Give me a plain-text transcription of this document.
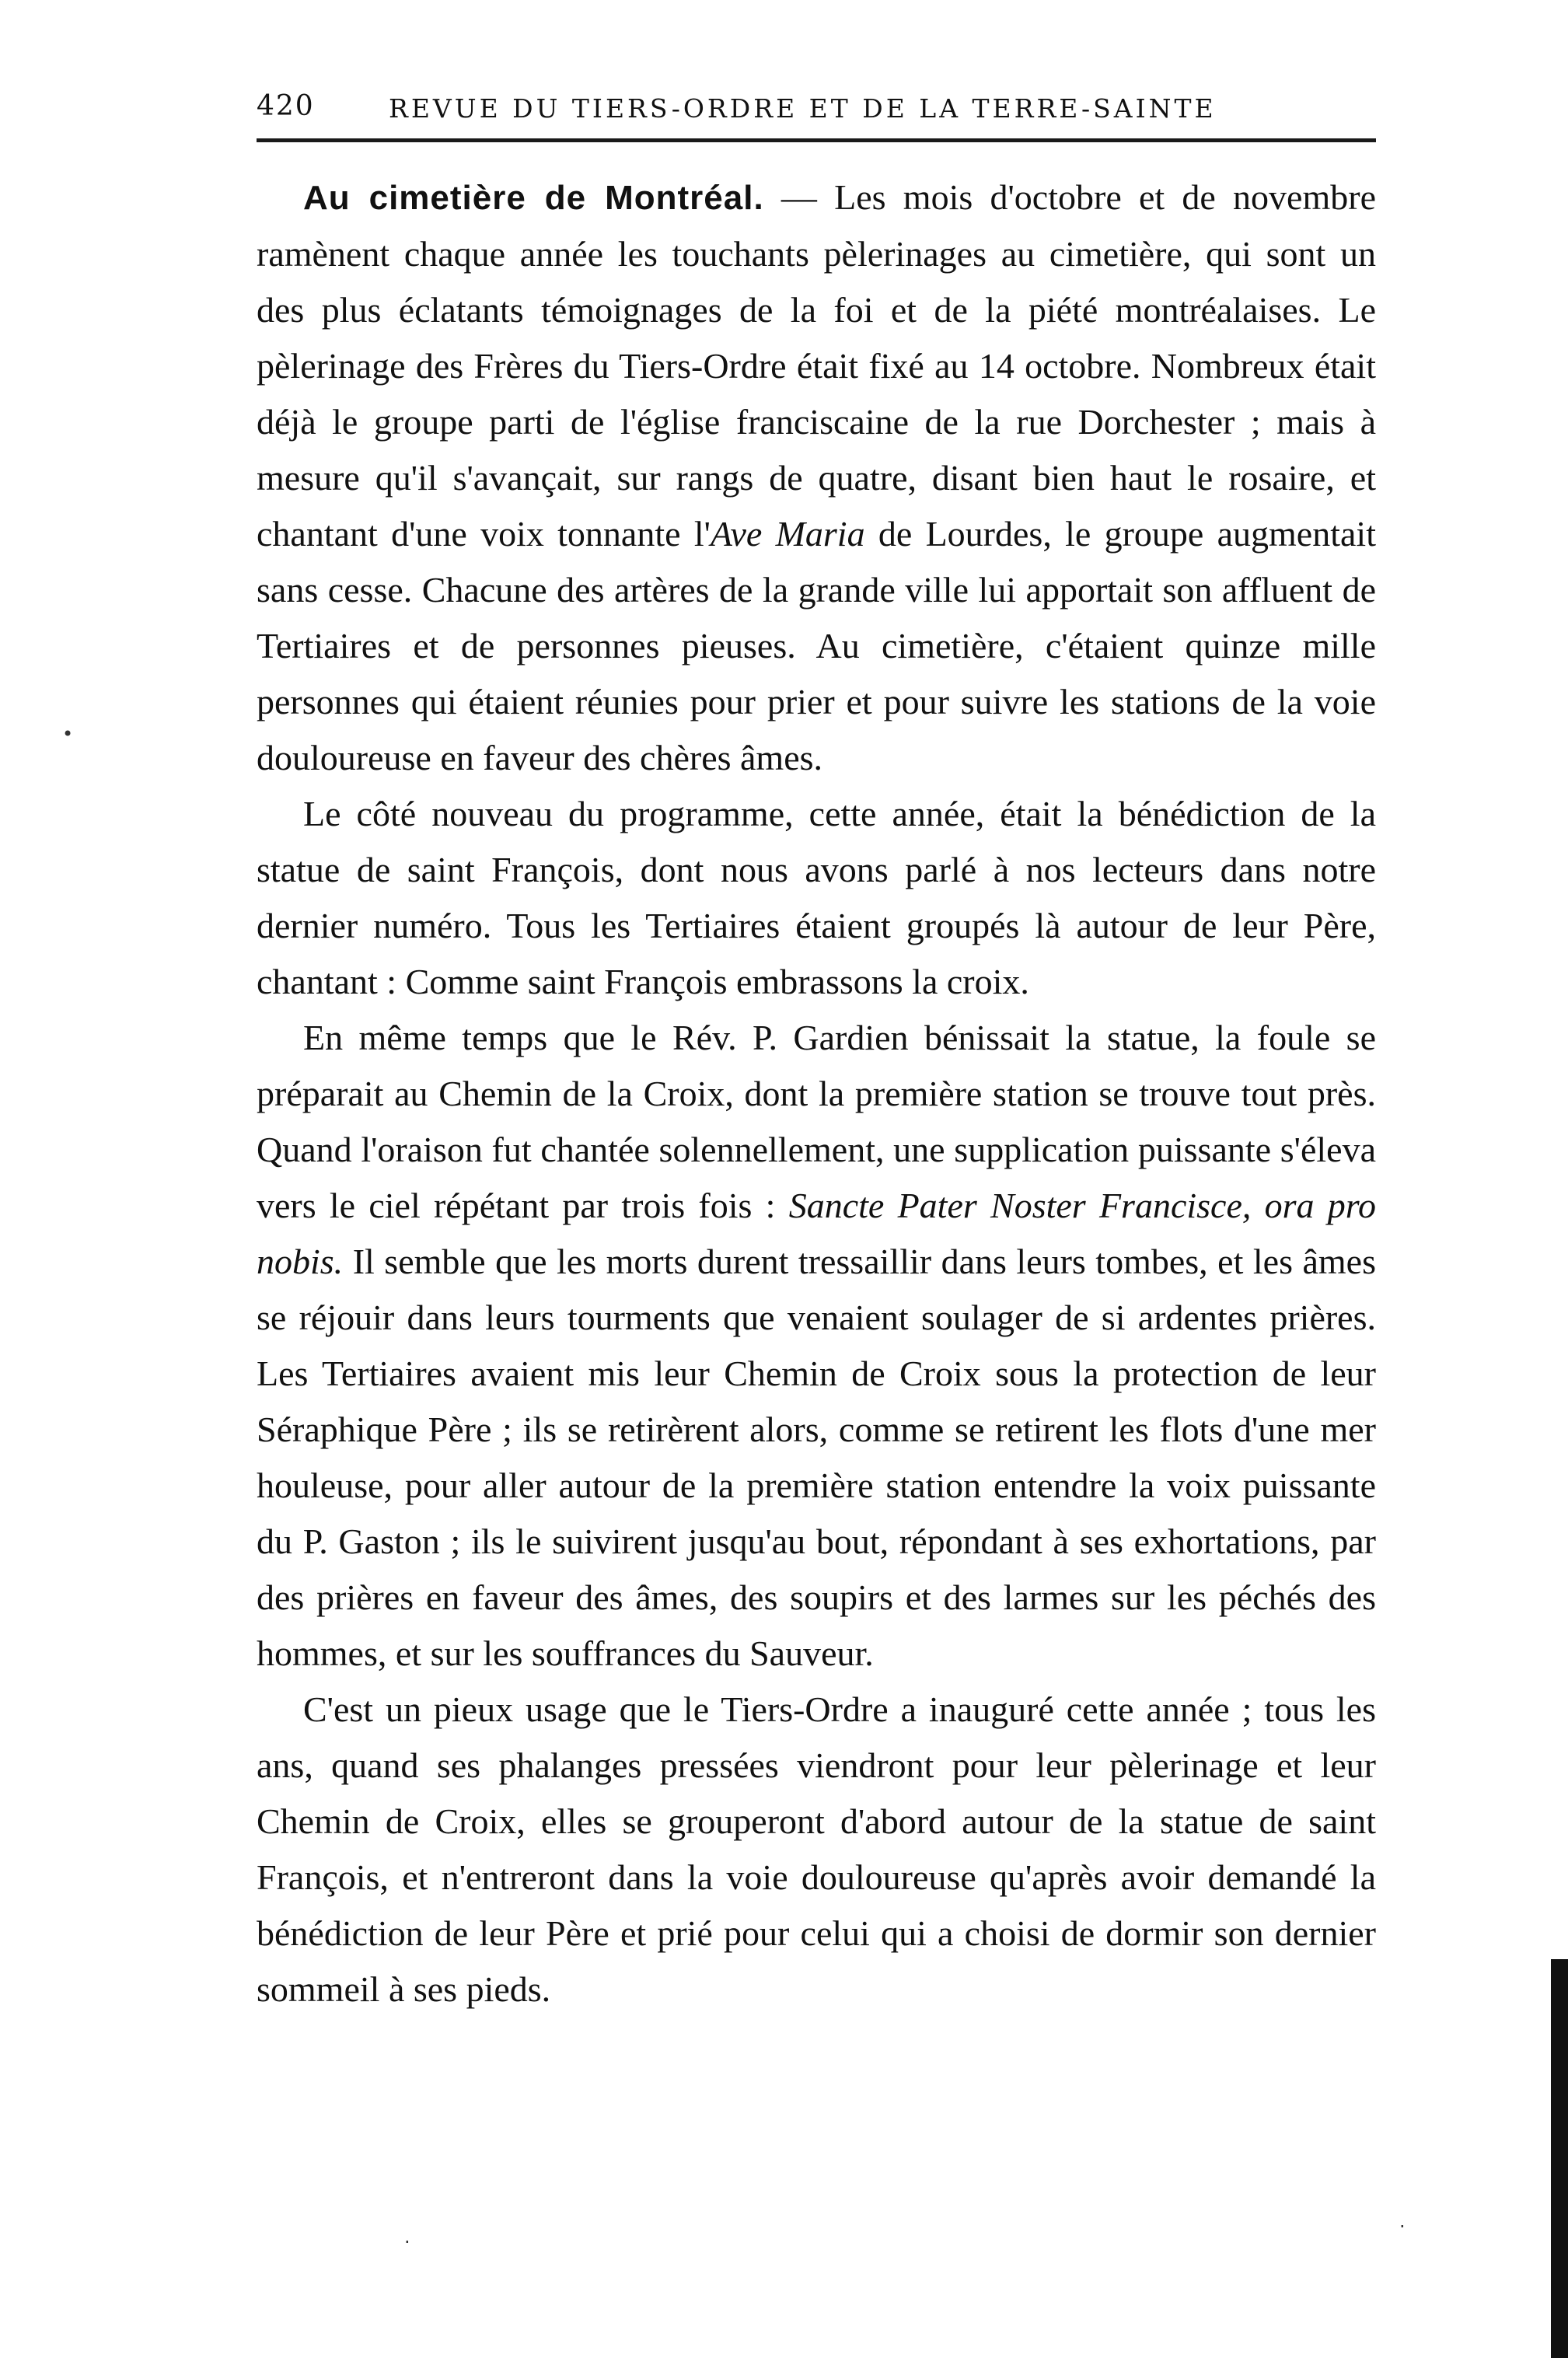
420	REVUE DU TIERS-ORDRE ET DE LA TERRE-SAINTE

Au cimetière de Montréal. — Les mois d'octobre et de novembre ramènent chaque année les touchants pèlerinages au cimetière, qui sont un des plus éclatants témoignages de la foi et de la piété montréalaises. Le pèlerinage des Frères du Tiers-Ordre était fixé au 14 octobre. Nombreux était déjà le groupe parti de l'église franciscaine de la rue Dorchester ; mais à mesure qu'il s'avançait, sur rangs de quatre, disant bien haut le rosaire, et chantant d'une voix tonnante l'Ave Maria de Lourdes, le groupe augmentait sans cesse. Chacune des artères de la grande ville lui apportait son affluent de Tertiaires et de personnes pieuses. Au cimetière, c'étaient quinze mille personnes qui étaient réunies pour prier et pour suivre les stations de la voie douloureuse en faveur des chères âmes.

Le côté nouveau du programme, cette année, était la bénédiction de la statue de saint François, dont nous avons parlé à nos lecteurs dans notre dernier numéro. Tous les Tertiaires étaient groupés là autour de leur Père, chantant : Comme saint François embrassons la croix.

En même temps que le Rév. P. Gardien bénissait la statue, la foule se préparait au Chemin de la Croix, dont la première station se trouve tout près. Quand l'oraison fut chantée solennellement, une supplication puissante s'éleva vers le ciel répétant par trois fois : Sancte Pater Noster Francisce, ora pro nobis. Il semble que les morts durent tressaillir dans leurs tombes, et les âmes se réjouir dans leurs tourments que venaient soulager de si ardentes prières. Les Tertiaires avaient mis leur Chemin de Croix sous la protection de leur Séraphique Père ; ils se retirèrent alors, comme se retirent les flots d'une mer houleuse, pour aller autour de la première station entendre la voix puissante du P. Gaston ; ils le suivirent jusqu'au bout, répondant à ses exhortations, par des prières en faveur des âmes, des soupirs et des larmes sur les péchés des hommes, et sur les souffrances du Sauveur.

C'est un pieux usage que le Tiers-Ordre a inauguré cette année ; tous les ans, quand ses phalanges pressées viendront pour leur pèlerinage et leur Chemin de Croix, elles se grouperont d'abord autour de la statue de saint François, et n'entreront dans la voie douloureuse qu'après avoir demandé la bénédiction de leur Père et prié pour celui qui a choisi de dormir son dernier sommeil à ses pieds.

•
·
·
